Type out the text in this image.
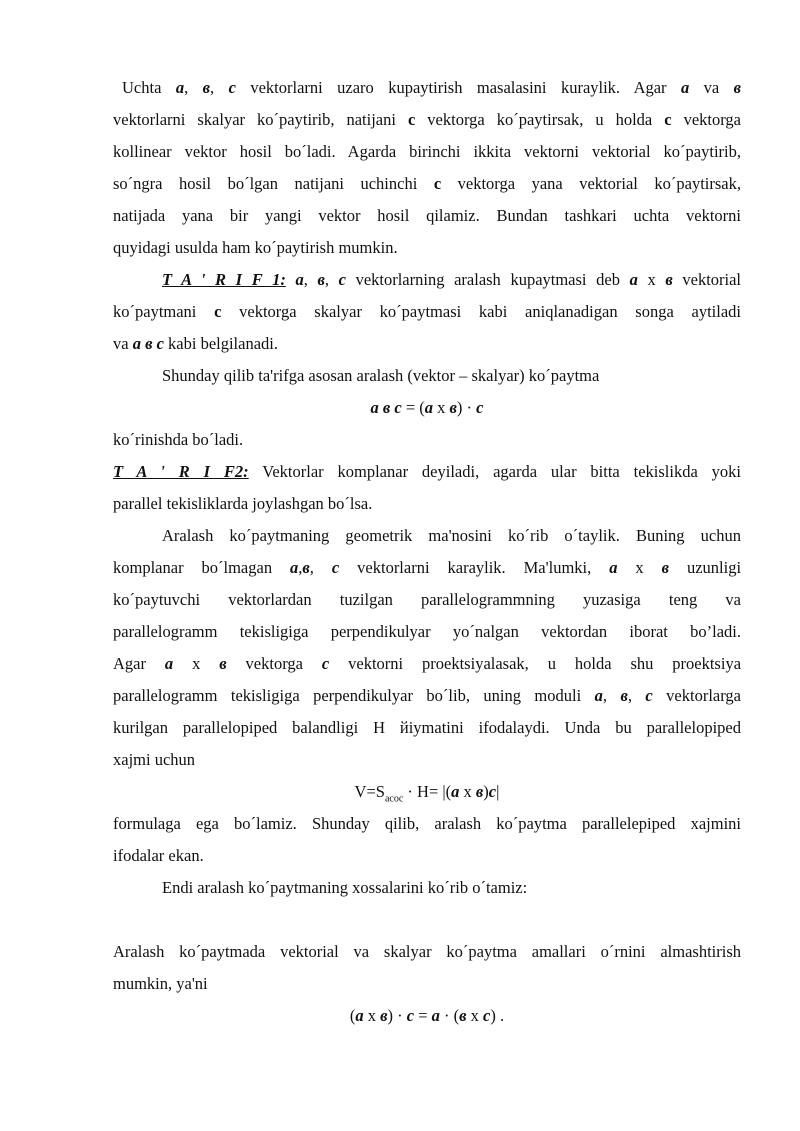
Uchta a, в, c vektorlarni uzaro kupaytirish masalasini kuraylik. Agar a va в
vektorlarni skalyar ko´paytirib, natijani c vektorga ko´paytirsak, u holda c vektorga
kollinear vektor hosil bo´ladi. Agarda birinchi ikkita vektorni vektorial ko´paytirib,
so´ngra hosil bo´lgan natijani uchinchi c vektorga yana vektorial ko´paytirsak,
natijada yana bir yangi vektor hosil qilamiz. Bundan tashkari uchta vektorni
quyidagi usulda ham ko´paytirish mumkin.
T A ' R I F 1: a, в, c vektorlarning aralash kupaytmasi deb a x в vektorial
ko´paytmani c vektorga skalyar ko´paytmasi kabi aniqlanadigan songa aytiladi
va a в c kabi belgilanadi.
Shunday qilib ta'rifga asosan aralash (vektor – skalyar) ko´paytma
a в c = (a x в) · c
ko´rinishda bo´ladi.
T A ' R I F2: Vektorlar komplanar deyiladi, agarda ular bitta tekislikda yoki
parallel tekisliklarda joylashgan bo´lsa.
Aralash ko´paytmaning geometrik ma'nosini ko´rib o´taylik. Buning uchun
komplanar bo´lmagan a,в, c vektorlarni karaylik. Ma'lumki, a x в uzunligi
ko´paytuvchi vektorlardan tuzilgan parallelogrammning yuzasiga teng va
parallelogramm tekisligiga perpendikulyar yo´nalgan vektordan iborat bo’ladi.
Agar a x в vektorga c vektorni proektsiyalasak, u holda shu proektsiya
parallelogramm tekisligiga perpendikulyar bo´lib, uning moduli a, в, c vektorlarga
kurilgan parallelopiped balandligi H йiymatini ifodalaydi. Unda bu parallelopiped
xajmi uchun
$V=S_{acoc} \cdot H= |(a$ x в)c|
formulaga ega bo´lamiz. Shunday qilib, aralash ko´paytma parallelepiped xajmini
ifodalar ekan.
Endi aralash ko´paytmaning xossalarini ko´rib o´tamiz:
Aralash ko´paytmada vektorial va skalyar ko´paytma amallari o´rnini almashtirish
mumkin, ya'ni
(a x в) · c = a · (в x c) .
